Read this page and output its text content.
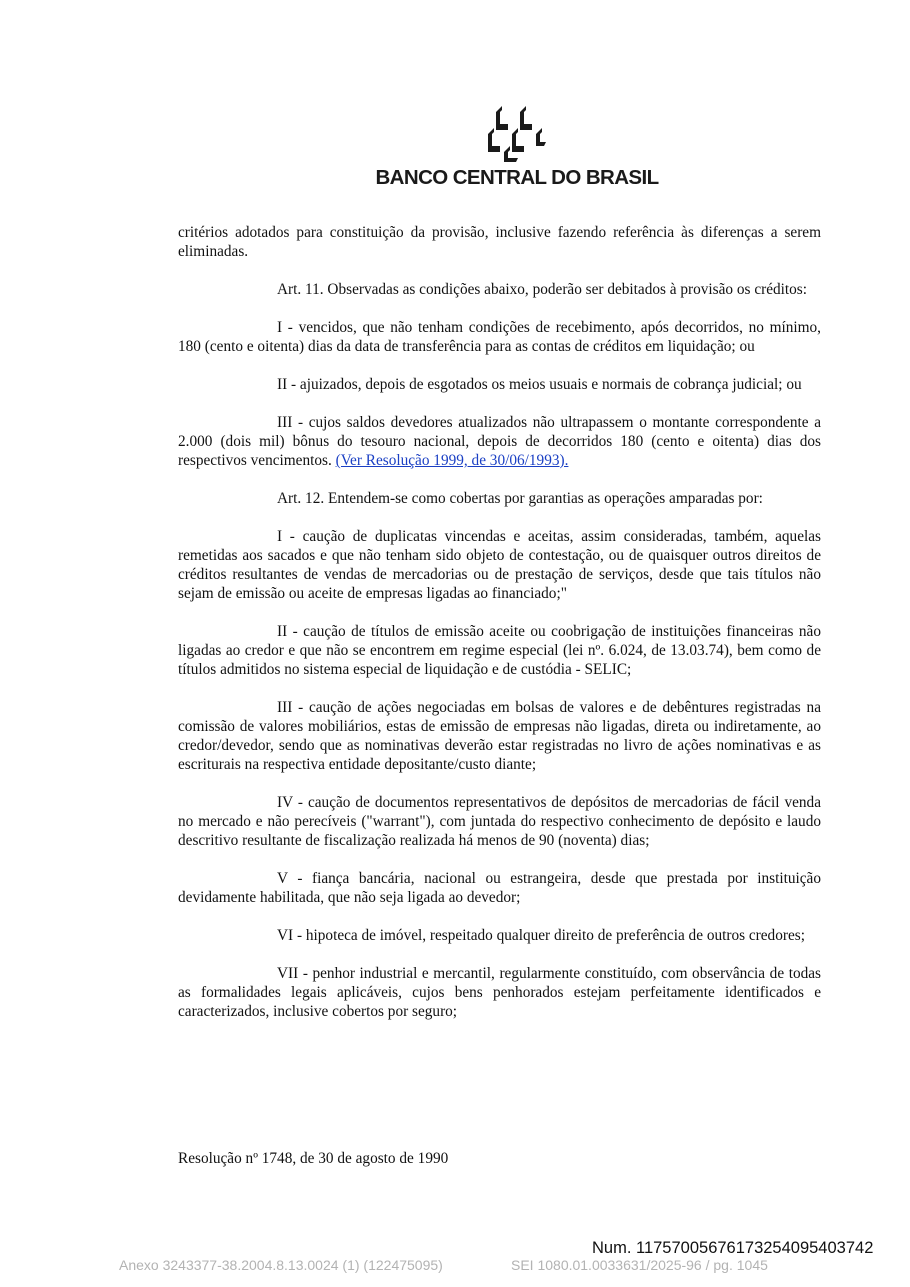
BANCO CENTRAL DO BRASIL

critérios adotados para constituição da provisão, inclusive fazendo referência às diferenças a serem eliminadas.

Art. 11. Observadas as condições abaixo, poderão ser debitados à provisão os créditos:

I - vencidos, que não tenham condições de recebimento, após decorridos, no mínimo, 180 (cento e oitenta) dias da data de transferência para as contas de créditos em liquidação; ou

II - ajuizados, depois de esgotados os meios usuais e normais de cobrança judicial; ou

III - cujos saldos devedores atualizados não ultrapassem o montante correspondente a 2.000 (dois mil) bônus do tesouro nacional, depois de decorridos 180 (cento e oitenta) dias dos respectivos vencimentos. (Ver Resolução 1999, de 30/06/1993).

Art. 12. Entendem-se como cobertas por garantias as operações amparadas por:

I - caução de duplicatas vincendas e aceitas, assim consideradas, também, aquelas remetidas aos sacados e que não tenham sido objeto de contestação, ou de quaisquer outros direitos de créditos resultantes de vendas de mercadorias ou de prestação de serviços, desde que tais títulos não sejam de emissão ou aceite de empresas ligadas ao financiado;"

II - caução de títulos de emissão aceite ou coobrigação de instituições financeiras não ligadas ao credor e que não se encontrem em regime especial (lei nº. 6.024, de 13.03.74), bem como de títulos admitidos no sistema especial de liquidação e de custódia - SELIC;

III - caução de ações negociadas em bolsas de valores e de debêntures registradas na comissão de valores mobiliários, estas de emissão de empresas não ligadas, direta ou indiretamente, ao credor/devedor, sendo que as nominativas deverão estar registradas no livro de ações nominativas e as escriturais na respectiva entidade depositante/custo diante;

IV - caução de documentos representativos de depósitos de mercadorias de fácil venda no mercado e não perecíveis ("warrant"), com juntada do respectivo conhecimento de depósito e laudo descritivo resultante de fiscalização realizada há menos de 90 (noventa) dias;

V - fiança bancária, nacional ou estrangeira, desde que prestada por instituição devidamente habilitada, que não seja ligada ao devedor;

VI - hipoteca de imóvel, respeitado qualquer direito de preferência de outros credores;

VII - penhor industrial e mercantil, regularmente constituído, com observância de todas as formalidades legais aplicáveis, cujos bens penhorados estejam perfeitamente identificados e caracterizados, inclusive cobertos por seguro;

Resolução nº 1748, de 30 de agosto de 1990
Num. 11757005676173254095403742
Anexo 3243377-38.2004.8.13.0024 (1) (122475095)	SEI 1080.01.0033631/2025-96 / pg. 1045
